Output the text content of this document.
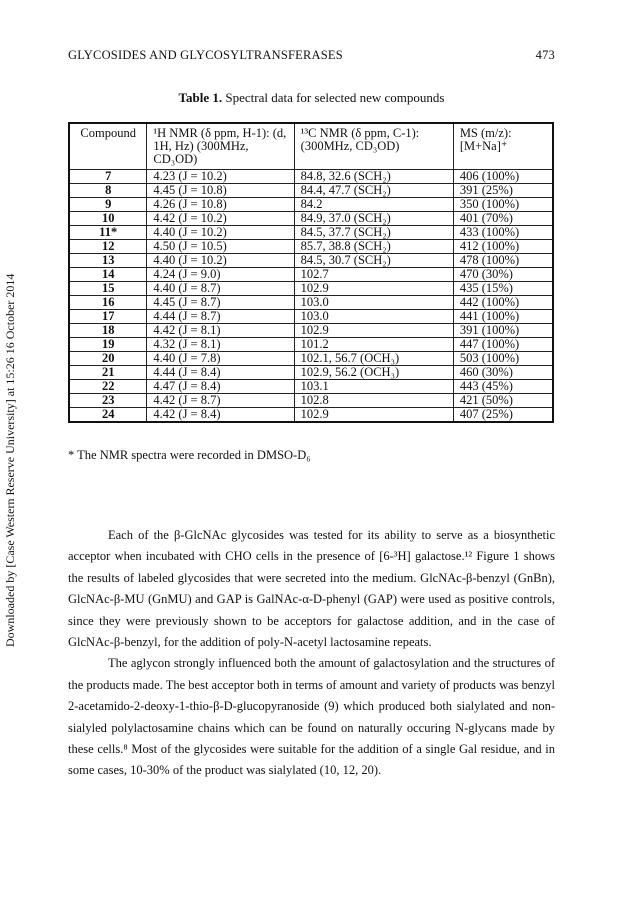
GLYCOSIDES AND GLYCOSYLTRANSFERASES	473
Downloaded by [Case Western Reserve University] at 15:26 16 October 2014
Table 1. Spectral data for selected new compounds
Compound	¹H NMR (δ ppm, H-1): (d, 1H, Hz) (300MHz, CD₃OD)	¹³C NMR (δ ppm, C-1): (300MHz, CD₃OD)	MS (m/z): [M+Na]⁺
7	4.23 (J = 10.2)	84.8, 32.6 (SCH₂)	406 (100%)
8	4.45 (J = 10.8)	84.4, 47.7 (SCH₂)	391 (25%)
9	4.26 (J = 10.8)	84.2	350 (100%)
10	4.42 (J = 10.2)	84.9, 37.0 (SCH₂)	401 (70%)
11*	4.40 (J = 10.2)	84.5, 37.7 (SCH₂)	433 (100%)
12	4.50 (J = 10.5)	85.7, 38.8 (SCH₂)	412 (100%)
13	4.40 (J = 10.2)	84.5, 30.7 (SCH₂)	478 (100%)
14	4.24 (J = 9.0)	102.7	470 (30%)
15	4.40 (J = 8.7)	102.9	435 (15%)
16	4.45 (J = 8.7)	103.0	442 (100%)
17	4.44 (J = 8.7)	103.0	441 (100%)
18	4.42 (J = 8.1)	102.9	391 (100%)
19	4.32 (J = 8.1)	101.2	447 (100%)
20	4.40 (J = 7.8)	102.1, 56.7 (OCH₃)	503 (100%)
21	4.44 (J = 8.4)	102.9, 56.2 (OCH₃)	460 (30%)
22	4.47 (J = 8.4)	103.1	443 (45%)
23	4.42 (J = 8.7)	102.8	421 (50%)
24	4.42 (J = 8.4)	102.9	407 (25%)
* The NMR spectra were recorded in DMSO-D₆

Each of the β-GlcNAc glycosides was tested for its ability to serve as a biosynthetic acceptor when incubated with CHO cells in the presence of [6-³H] galactose.¹² Figure 1 shows the results of labeled glycosides that were secreted into the medium. GlcNAc-β-benzyl (GnBn), GlcNAc-β-MU (GnMU) and GAP is GalNAc-α-D-phenyl (GAP) were used as positive controls, since they were previously shown to be acceptors for galactose addition, and in the case of GlcNAc-β-benzyl, for the addition of poly-N-acetyl lactosamine repeats.

The aglycon strongly influenced both the amount of galactosylation and the structures of the products made. The best acceptor both in terms of amount and variety of products was benzyl 2-acetamido-2-deoxy-1-thio-β-D-glucopyranoside (9) which produced both sialylated and non-sialyled polylactosamine chains which can be found on naturally occuring N-glycans made by these cells.⁸ Most of the glycosides were suitable for the addition of a single Gal residue, and in some cases, 10-30% of the product was sialylated (10, 12, 20).
